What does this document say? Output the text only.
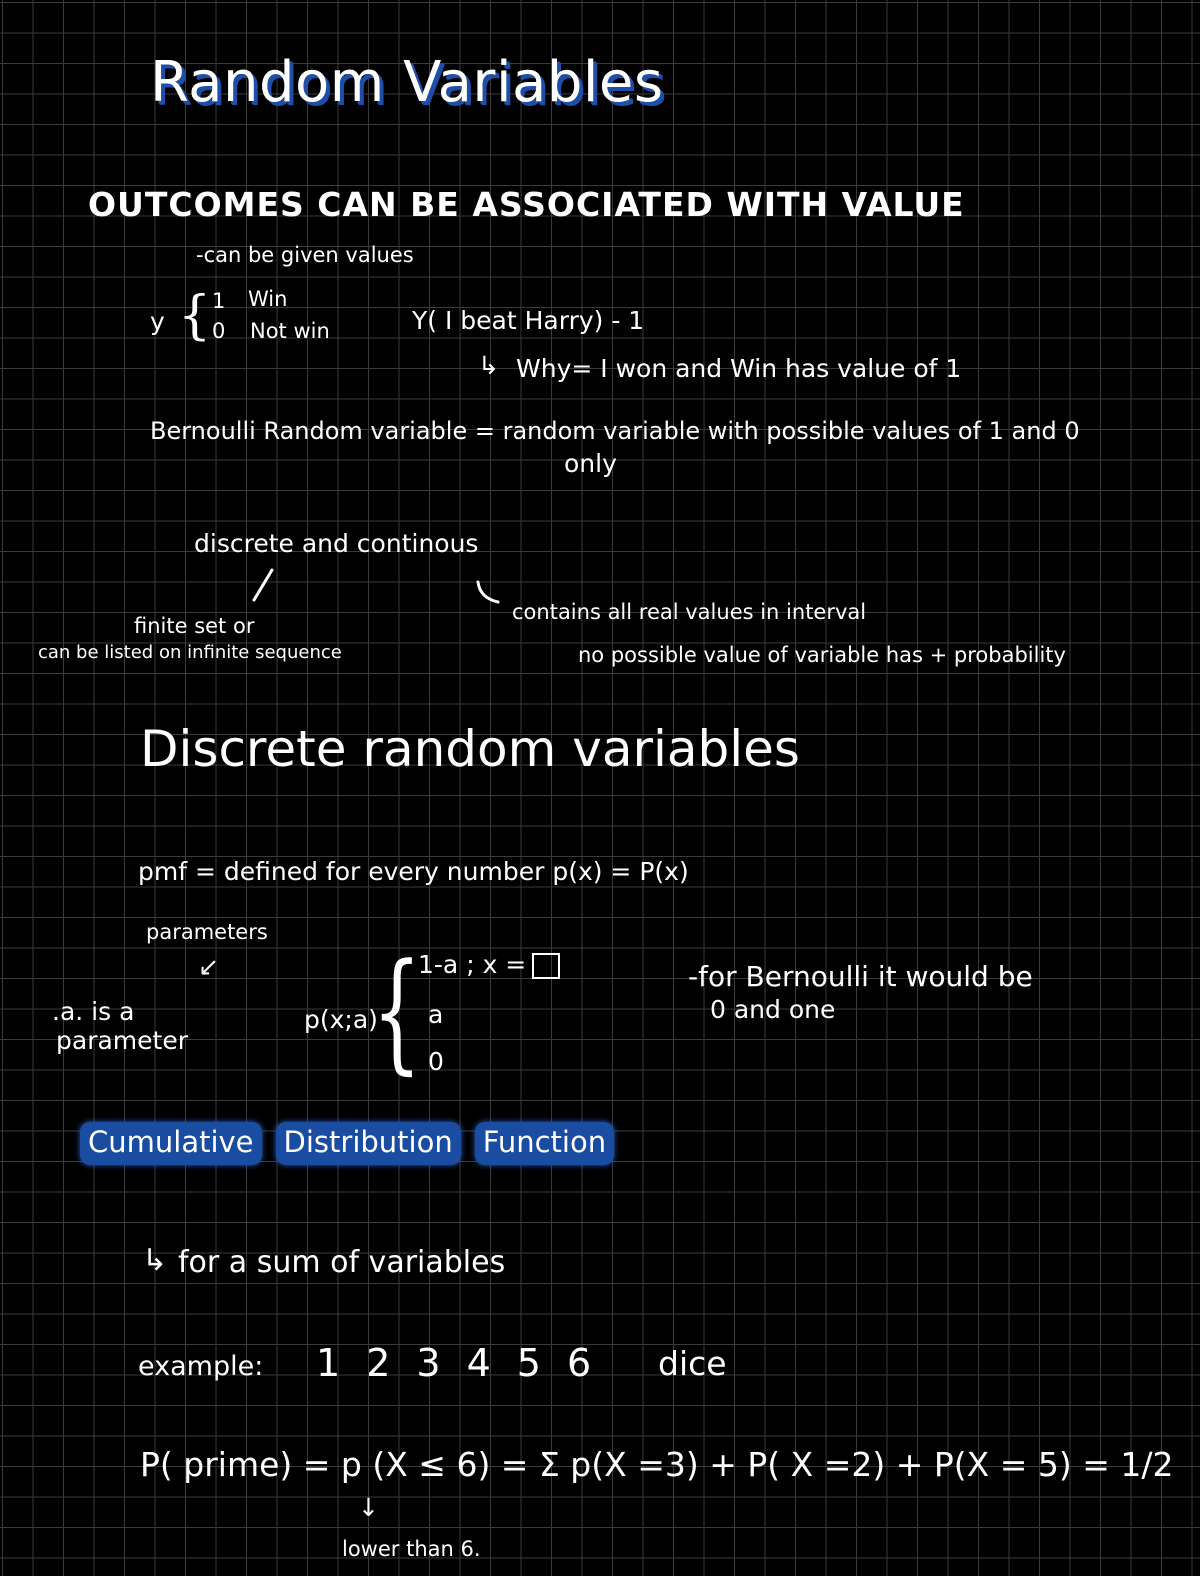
Random Variables
OUTCOMES CAN BE ASSOCIATED WITH VALUE
-can be given values
y { 1 Win
0 Not win	Y( I beat Harry) - 1
↳ Why= I won and Win has value of 1
Bernoulli Random variable = random variable with possible values of 1 and 0
only
discrete and continous
finite set or
can be listed on infinite sequence
contains all real values in interval
no possible value of variable has + probability
Discrete random variables
pmf = defined for every number p(x) = P(x)
parameters
↙
.a. is a
parameter
p(x;a)
{
1-a ; x =
a
0
-for Bernoulli it would be
0 and one
Cumulative Distribution Function
↳ for a sum of variables
example: 1 2 3 4 5 6 dice
P( prime) = p (X ≤ 6) = Σ p(X =3) + P( X =2) + P(X = 5) = 1/2
↓
lower than 6.
